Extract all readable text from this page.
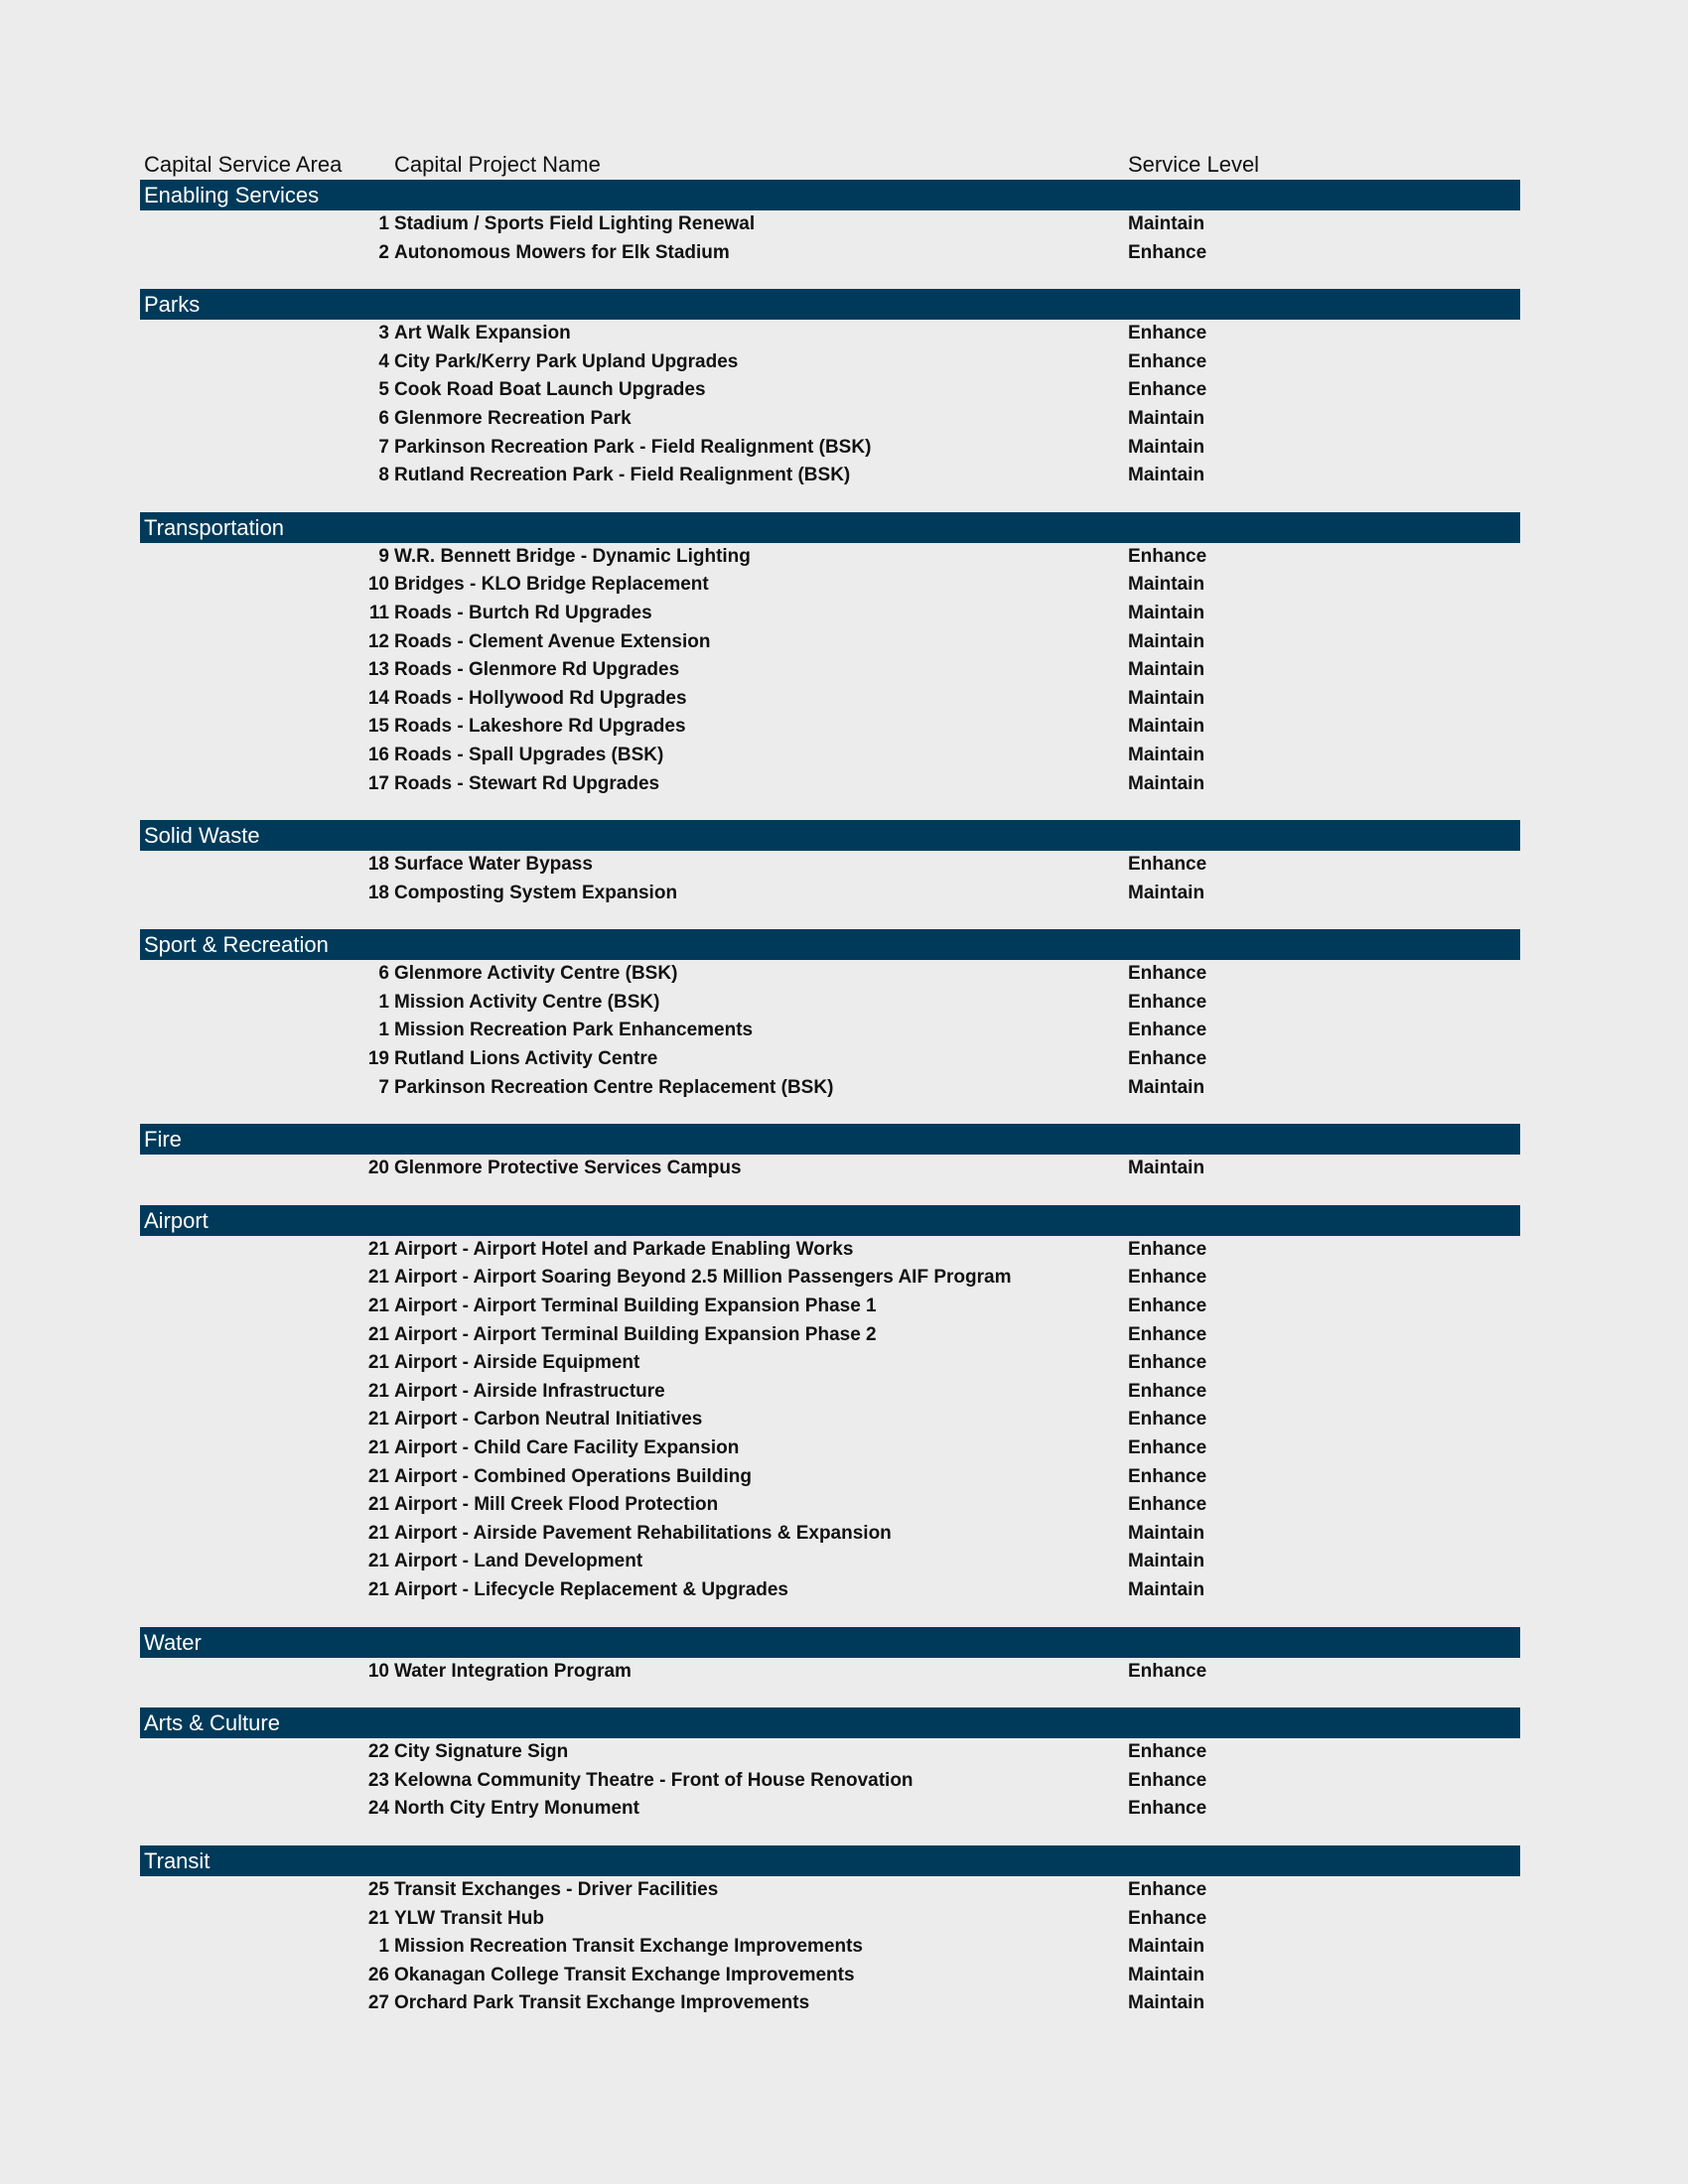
Capital Service Area Capital Project Name	Service Level
Enabling Services
1 Stadium / Sports Field Lighting Renewal	Maintain
2 Autonomous Mowers for Elk Stadium	Enhance
Parks
3 Art Walk Expansion	Enhance
4 City Park/Kerry Park Upland Upgrades	Enhance
5 Cook Road Boat Launch Upgrades	Enhance
6 Glenmore Recreation Park	Maintain
7 Parkinson Recreation Park - Field Realignment (BSK)	Maintain
8 Rutland Recreation Park - Field Realignment (BSK)	Maintain
Transportation
9 W.R. Bennett Bridge - Dynamic Lighting	Enhance
10 Bridges - KLO Bridge Replacement	Maintain
11 Roads - Burtch Rd Upgrades	Maintain
12 Roads - Clement Avenue Extension	Maintain
13 Roads - Glenmore Rd Upgrades	Maintain
14 Roads - Hollywood Rd Upgrades	Maintain
15 Roads - Lakeshore Rd Upgrades	Maintain
16 Roads - Spall Upgrades (BSK)	Maintain
17 Roads - Stewart Rd Upgrades	Maintain
Solid Waste
18 Surface Water Bypass	Enhance
18 Composting System Expansion	Maintain
Sport & Recreation
6 Glenmore Activity Centre (BSK)	Enhance
1 Mission Activity Centre (BSK)	Enhance
1 Mission Recreation Park Enhancements	Enhance
19 Rutland Lions Activity Centre	Enhance
7 Parkinson Recreation Centre Replacement (BSK)	Maintain
Fire
20 Glenmore Protective Services Campus	Maintain
Airport
21 Airport - Airport Hotel and Parkade Enabling Works	Enhance
21 Airport - Airport Soaring Beyond 2.5 Million Passengers AIF Program	Enhance
21 Airport - Airport Terminal Building Expansion Phase 1	Enhance
21 Airport - Airport Terminal Building Expansion Phase 2	Enhance
21 Airport - Airside Equipment	Enhance
21 Airport - Airside Infrastructure	Enhance
21 Airport - Carbon Neutral Initiatives	Enhance
21 Airport - Child Care Facility Expansion	Enhance
21 Airport - Combined Operations Building	Enhance
21 Airport - Mill Creek Flood Protection	Enhance
21 Airport - Airside Pavement Rehabilitations & Expansion	Maintain
21 Airport - Land Development	Maintain
21 Airport - Lifecycle Replacement & Upgrades	Maintain
Water
10 Water Integration Program	Enhance
Arts & Culture
22 City Signature Sign	Enhance
23 Kelowna Community Theatre - Front of House Renovation	Enhance
24 North City Entry Monument	Enhance
Transit
25 Transit Exchanges - Driver Facilities	Enhance
21 YLW Transit Hub	Enhance
1 Mission Recreation Transit Exchange Improvements	Maintain
26 Okanagan College Transit Exchange Improvements	Maintain
27 Orchard Park Transit Exchange Improvements	Maintain
